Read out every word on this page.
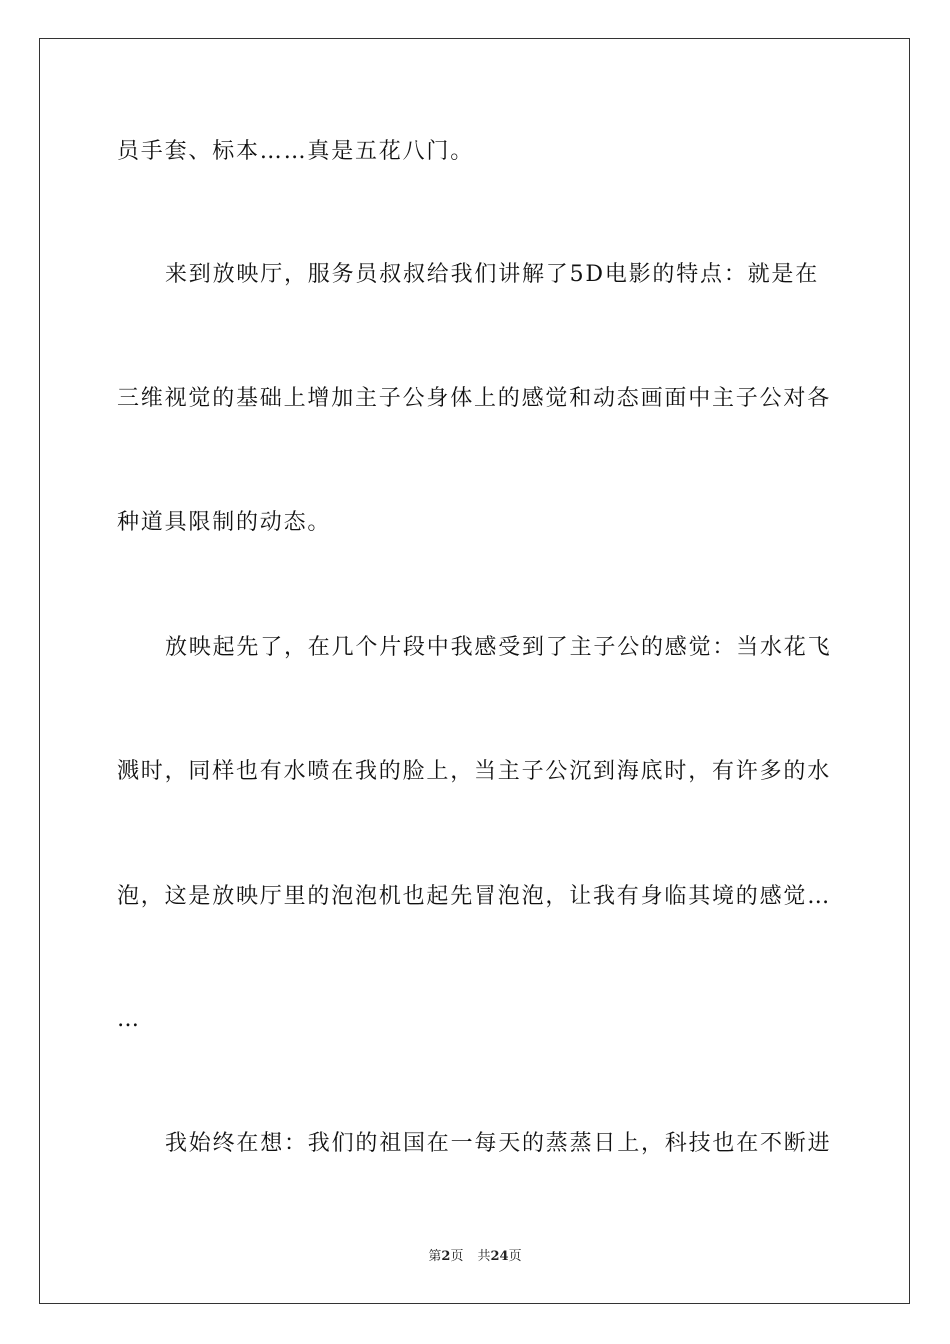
员手套、标本……真是五花八门。
来到放映厅，服务员叔叔给我们讲解了5D电影的特点：就是在
三维视觉的基础上增加主子公身体上的感觉和动态画面中主子公对各
种道具限制的动态。
放映起先了，在几个片段中我感受到了主子公的感觉：当水花飞
溅时，同样也有水喷在我的脸上，当主子公沉到海底时，有许多的水
泡，这是放映厅里的泡泡机也起先冒泡泡，让我有身临其境的感觉…
…
我始终在想：我们的祖国在一每天的蒸蒸日上，科技也在不断进
第2页 共24页
